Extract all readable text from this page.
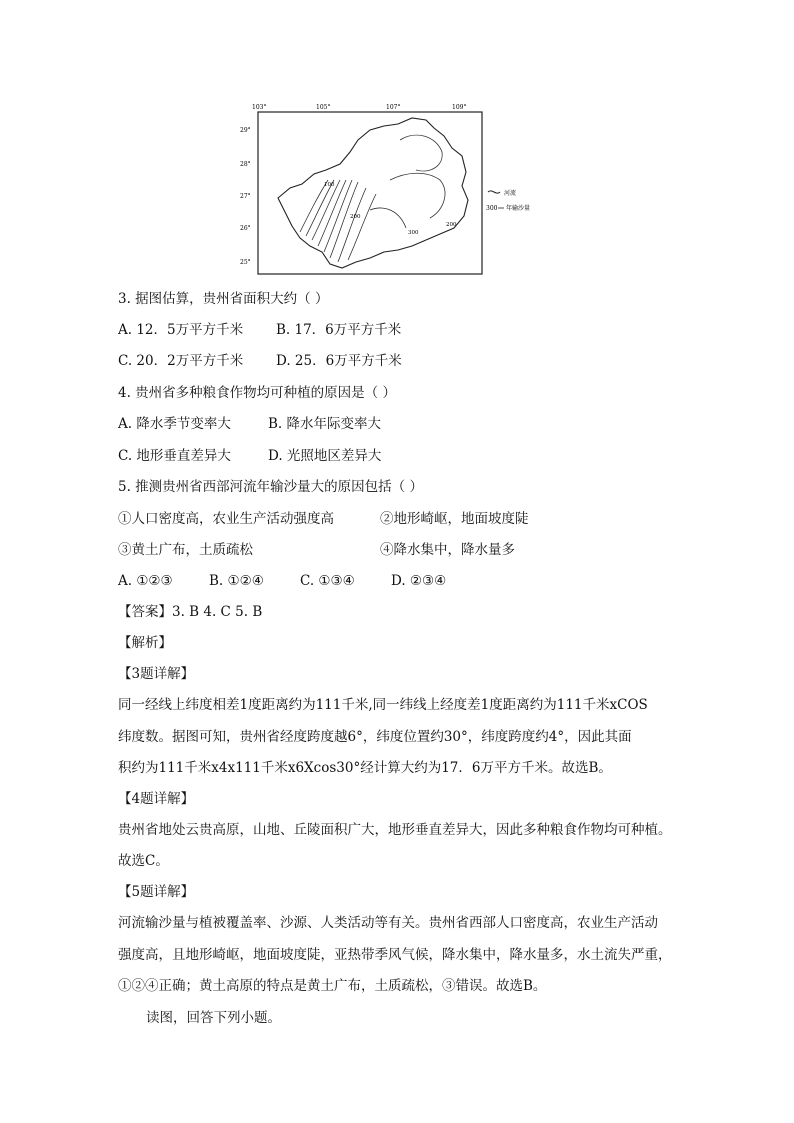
103°	105°	107°	109°
29°
28°
27°
26°
25°
100
200
300
200
河流
300 年输沙量
3. 据图估算，贵州省面积大约（ ）
A. 12．5万平方千米 B. 17．6万平方千米
C. 20．2万平方千米 D. 25．6万平方千米
4. 贵州省多种粮食作物均可种植的原因是（ ）
A. 降水季节变率大	B. 降水年际变率大
C. 地形垂直差异大	D. 光照地区差异大
5. 推测贵州省西部河流年输沙量大的原因包括（ ）
①人口密度高，农业生产活动强度高	②地形崎岖，地面坡度陡
③黄土广布，土质疏松	④降水集中，降水量多
A. ①②③	B. ①②④	C. ①③④	D. ②③④
【答案】3. B 4. C 5. B
【解析】
【3题详解】
同一经线上纬度相差1度距离约为111千米,同一纬线上经度差1度距离约为111千米xCOS
纬度数。据图可知，贵州省经度跨度越6°，纬度位置约30°，纬度跨度约4°，因此其面
积约为111千米x4x111千米x6Xcos30°经计算大约为17．6万平方千米。故选B。
【4题详解】
贵州省地处云贵高原，山地、丘陵面积广大，地形垂直差异大，因此多种粮食作物均可种植。
故选C。
【5题详解】
河流输沙量与植被覆盖率、沙源、人类活动等有关。贵州省西部人口密度高，农业生产活动
强度高，且地形崎岖，地面坡度陡，亚热带季风气候，降水集中，降水量多，水土流失严重，
①②④正确；黄土高原的特点是黄土广布，土质疏松，③错误。故选B。
读图，回答下列小题。
